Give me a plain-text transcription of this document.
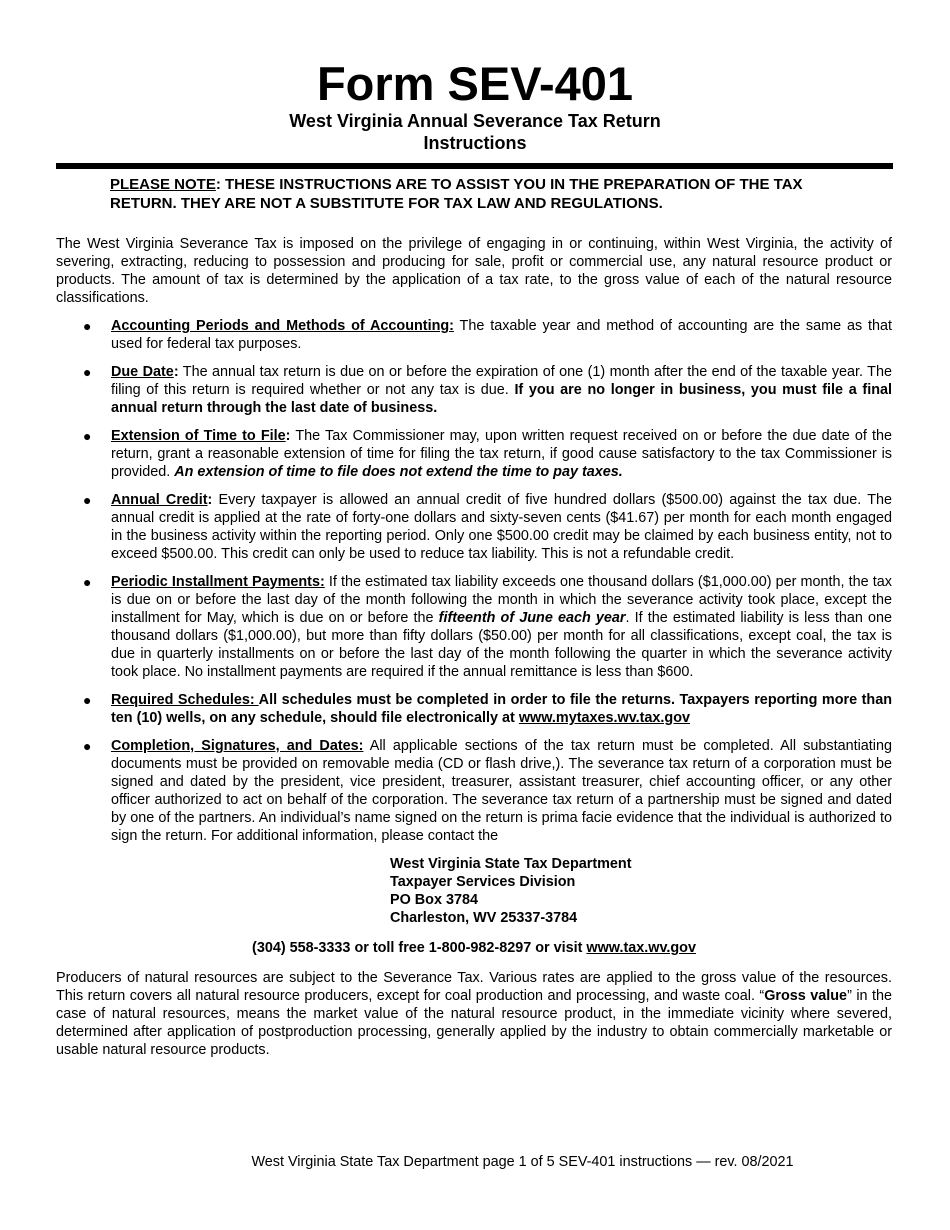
Form SEV-401
West Virginia Annual Severance Tax Return
Instructions
PLEASE NOTE: THESE INSTRUCTIONS ARE TO ASSIST YOU IN THE PREPARATION OF THE TAX RETURN. THEY ARE NOT A SUBSTITUTE FOR TAX LAW AND REGULATIONS.

The West Virginia Severance Tax is imposed on the privilege of engaging in or continuing, within West Virginia, the activity of severing, extracting, reducing to possession and producing for sale, profit or commercial use, any natural resource product or products. The amount of tax is determined by the application of a tax rate, to the gross value of each of the natural resource classifications.

● Accounting Periods and Methods of Accounting: The taxable year and method of accounting are the same as that used for federal tax purposes.
● Due Date: The annual tax return is due on or before the expiration of one (1) month after the end of the taxable year. The filing of this return is required whether or not any tax is due. If you are no longer in business, you must file a final annual return through the last date of business.
● Extension of Time to File: The Tax Commissioner may, upon written request received on or before the due date of the return, grant a reasonable extension of time for filing the tax return, if good cause satisfactory to the tax Commissioner is provided. An extension of time to file does not extend the time to pay taxes.
● Annual Credit: Every taxpayer is allowed an annual credit of five hundred dollars ($500.00) against the tax due. The annual credit is applied at the rate of forty-one dollars and sixty-seven cents ($41.67) per month for each month engaged in the business activity within the reporting period. Only one $500.00 credit may be claimed by each business entity, not to exceed $500.00. This credit can only be used to reduce tax liability. This is not a refundable credit.
● Periodic Installment Payments: If the estimated tax liability exceeds one thousand dollars ($1,000.00) per month, the tax is due on or before the last day of the month following the month in which the severance activity took place, except the installment for May, which is due on or before the fifteenth of June each year. If the estimated liability is less than one thousand dollars ($1,000.00), but more than fifty dollars ($50.00) per month for all classifications, except coal, the tax is due in quarterly installments on or before the last day of the month following the quarter in which the severance activity took place. No installment payments are required if the annual remittance is less than $600.
● Required Schedules: All schedules must be completed in order to file the returns. Taxpayers reporting more than ten (10) wells, on any schedule, should file electronically at www.mytaxes.wv.tax.gov
● Completion, Signatures, and Dates: All applicable sections of the tax return must be completed. All substantiating documents must be provided on removable media (CD or flash drive,). The severance tax return of a corporation must be signed and dated by the president, vice president, treasurer, assistant treasurer, chief accounting officer, or any other officer authorized to act on behalf of the corporation. The severance tax return of a partnership must be signed and dated by one of the partners. An individual’s name signed on the return is prima facie evidence that the individual is authorized to sign the return. For additional information, please contact the
West Virginia State Tax Department
Taxpayer Services Division
PO Box 3784
Charleston, WV 25337-3784
(304) 558-3333 or toll free 1-800-982-8297 or visit www.tax.wv.gov

Producers of natural resources are subject to the Severance Tax. Various rates are applied to the gross value of the resources. This return covers all natural resource producers, except for coal production and processing, and waste coal. “Gross value” in the case of natural resources, means the market value of the natural resource product, in the immediate vicinity where severed, determined after application of postproduction processing, generally applied by the industry to obtain commercially marketable or usable natural resource products.

West Virginia State Tax Department page 1 of 5 SEV-401 instructions — rev. 08/2021
